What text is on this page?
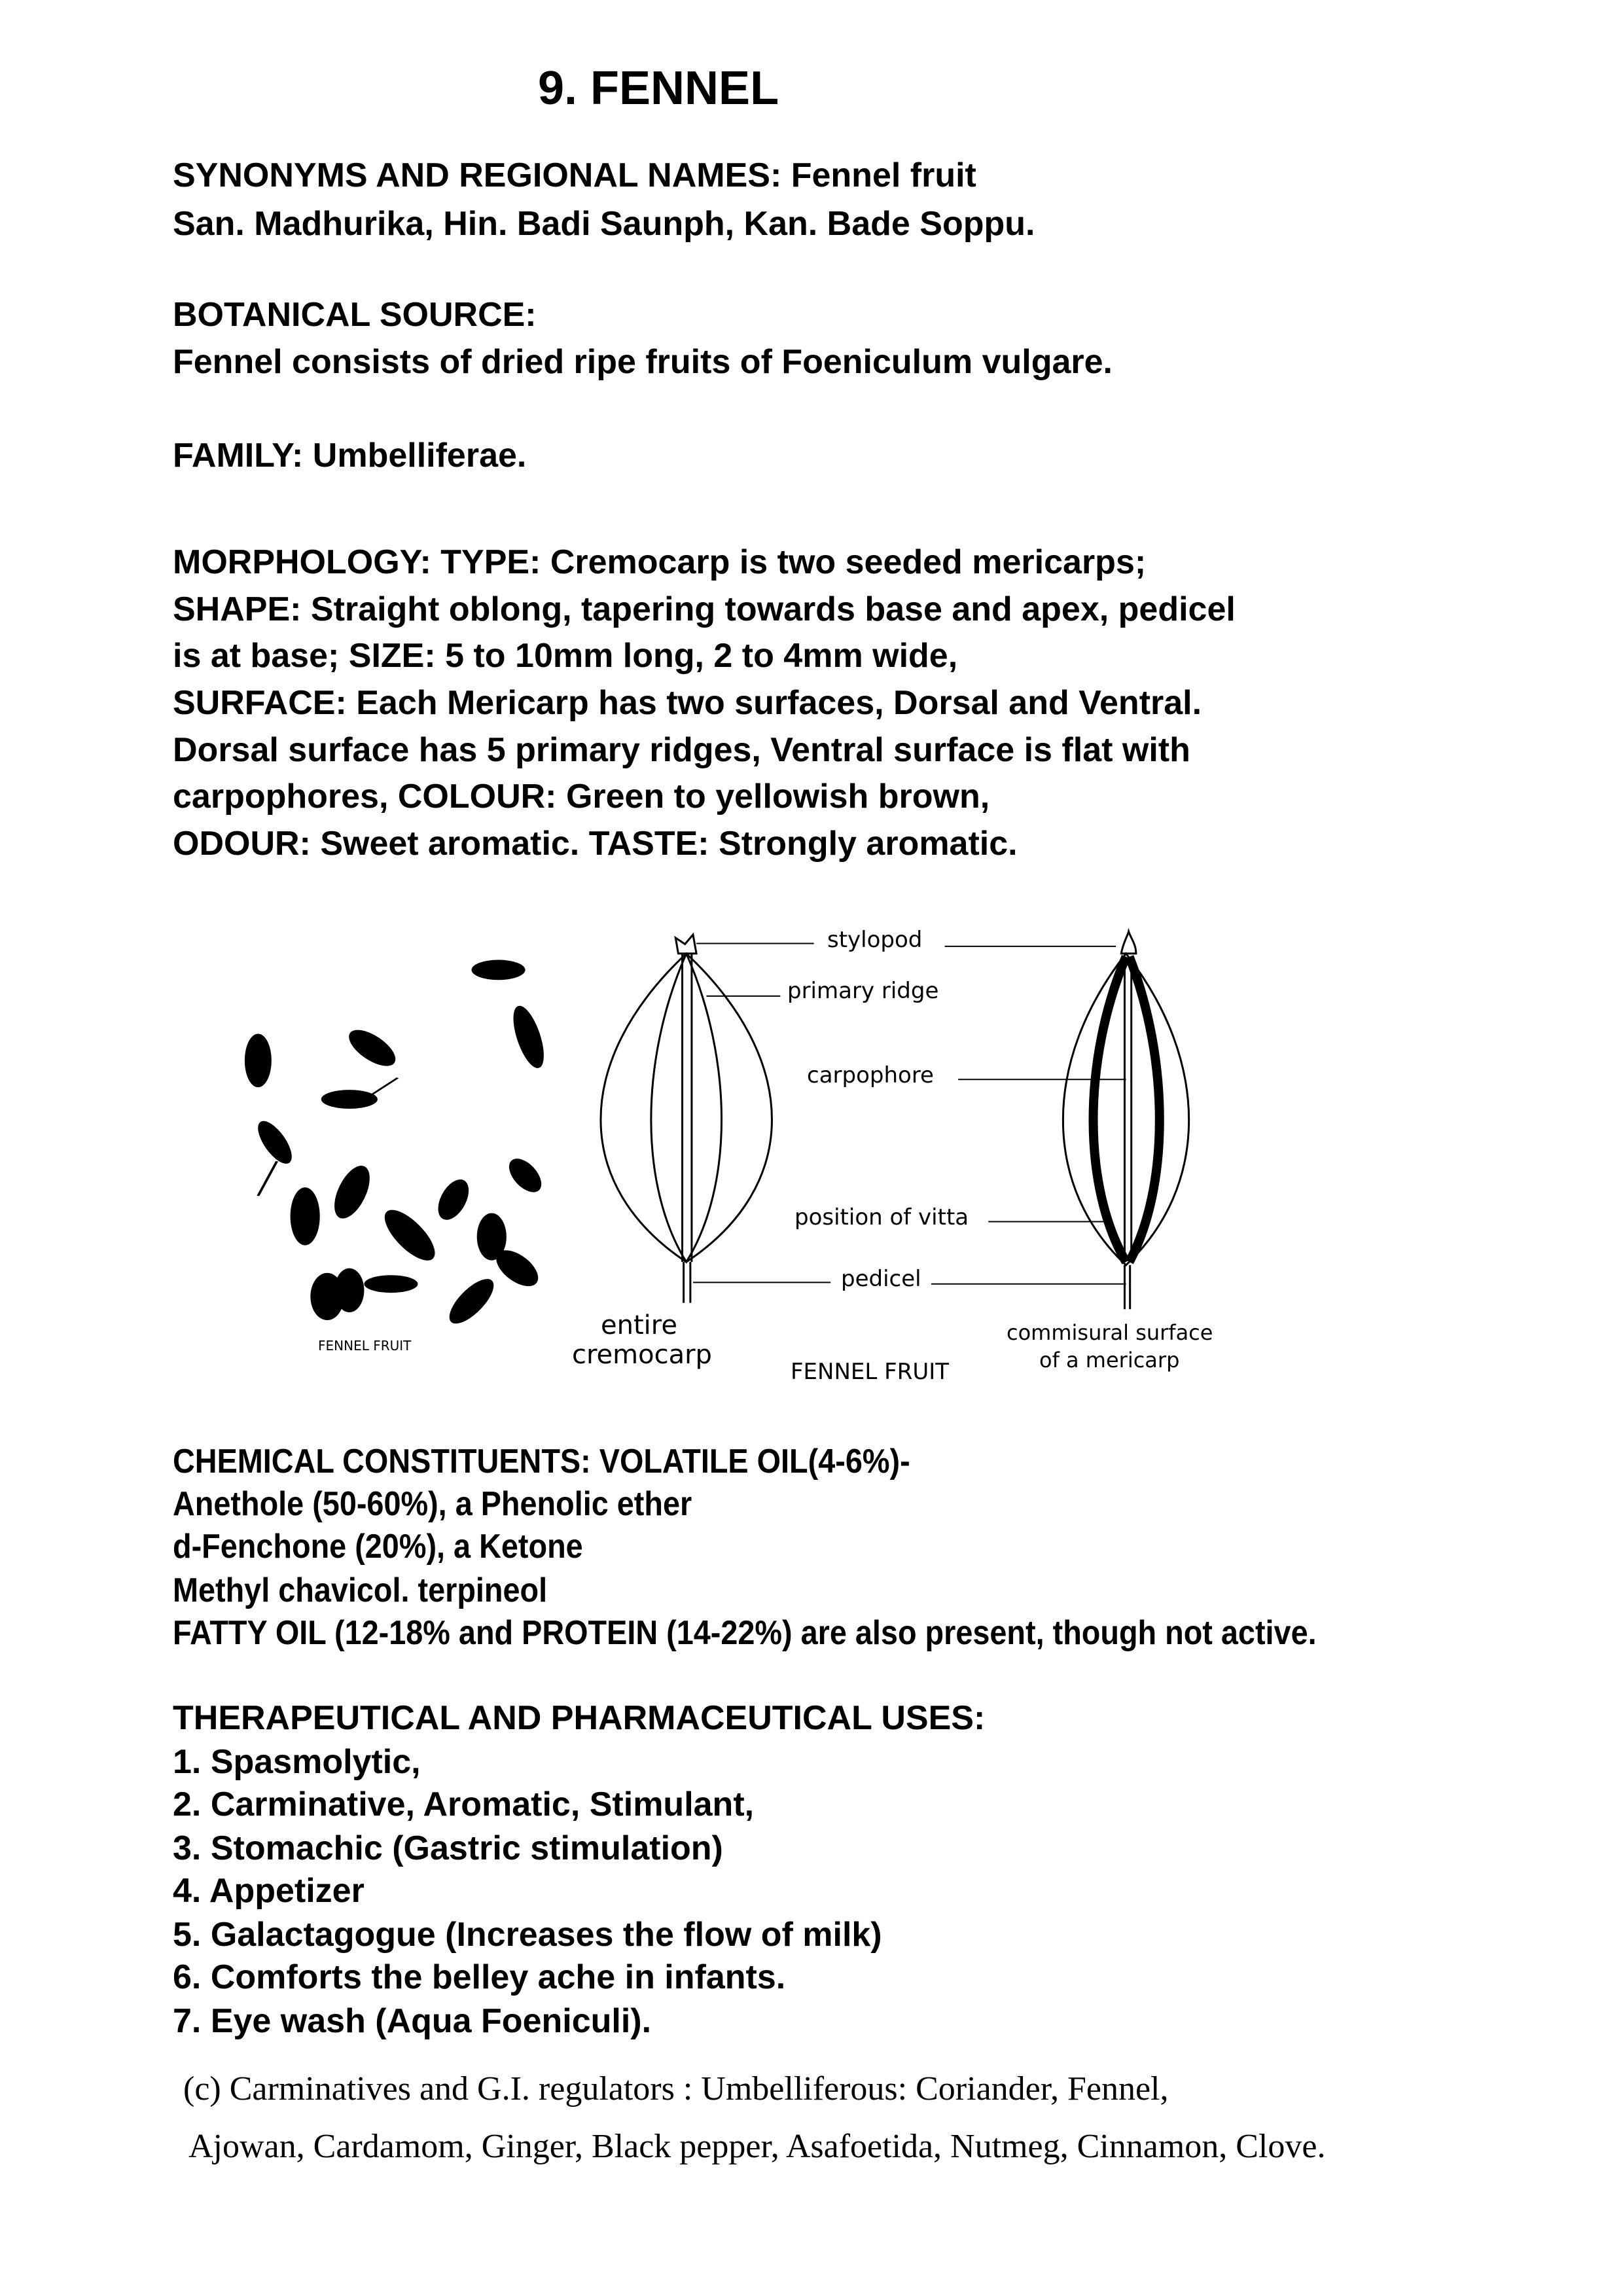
9. FENNEL
SYNONYMS AND REGIONAL NAMES: Fennel fruit
San. Madhurika, Hin. Badi Saunph, Kan. Bade Soppu.
BOTANICAL SOURCE:
Fennel consists of dried ripe fruits of Foeniculum vulgare.
FAMILY: Umbelliferae.
MORPHOLOGY: TYPE: Cremocarp is two seeded mericarps;
SHAPE: Straight oblong, tapering towards base and apex, pedicel
is at base; SIZE: 5 to 10mm long, 2 to 4mm wide,
SURFACE: Each Mericarp has two surfaces, Dorsal and Ventral.
Dorsal surface has 5 primary ridges, Ventral surface is flat with
carpophores, COLOUR: Green to yellowish brown,
ODOUR: Sweet aromatic. TASTE: Strongly aromatic.
stylopod
primary ridge
carpophore
position of vitta
pedicel
FENNEL FRUIT
entire
cremocarp
FENNEL FRUIT
commisural surface
of a mericarp
CHEMICAL CONSTITUENTS: VOLATILE OIL(4-6%)-
Anethole (50-60%), a Phenolic ether
d-Fenchone (20%), a Ketone
Methyl chavicol. terpineol
FATTY OIL (12-18% and PROTEIN (14-22%) are also present, though not active.
THERAPEUTICAL AND PHARMACEUTICAL USES:
1. Spasmolytic,
2. Carminative, Aromatic, Stimulant,
3. Stomachic (Gastric stimulation)
4. Appetizer
5. Galactagogue (Increases the flow of milk)
6. Comforts the belley ache in infants.
7. Eye wash (Aqua Foeniculi).
(c) Carminatives and G.I. regulators : Umbelliferous: Coriander, Fennel,
Ajowan, Cardamom, Ginger, Black pepper, Asafoetida, Nutmeg, Cinnamon, Clove.
